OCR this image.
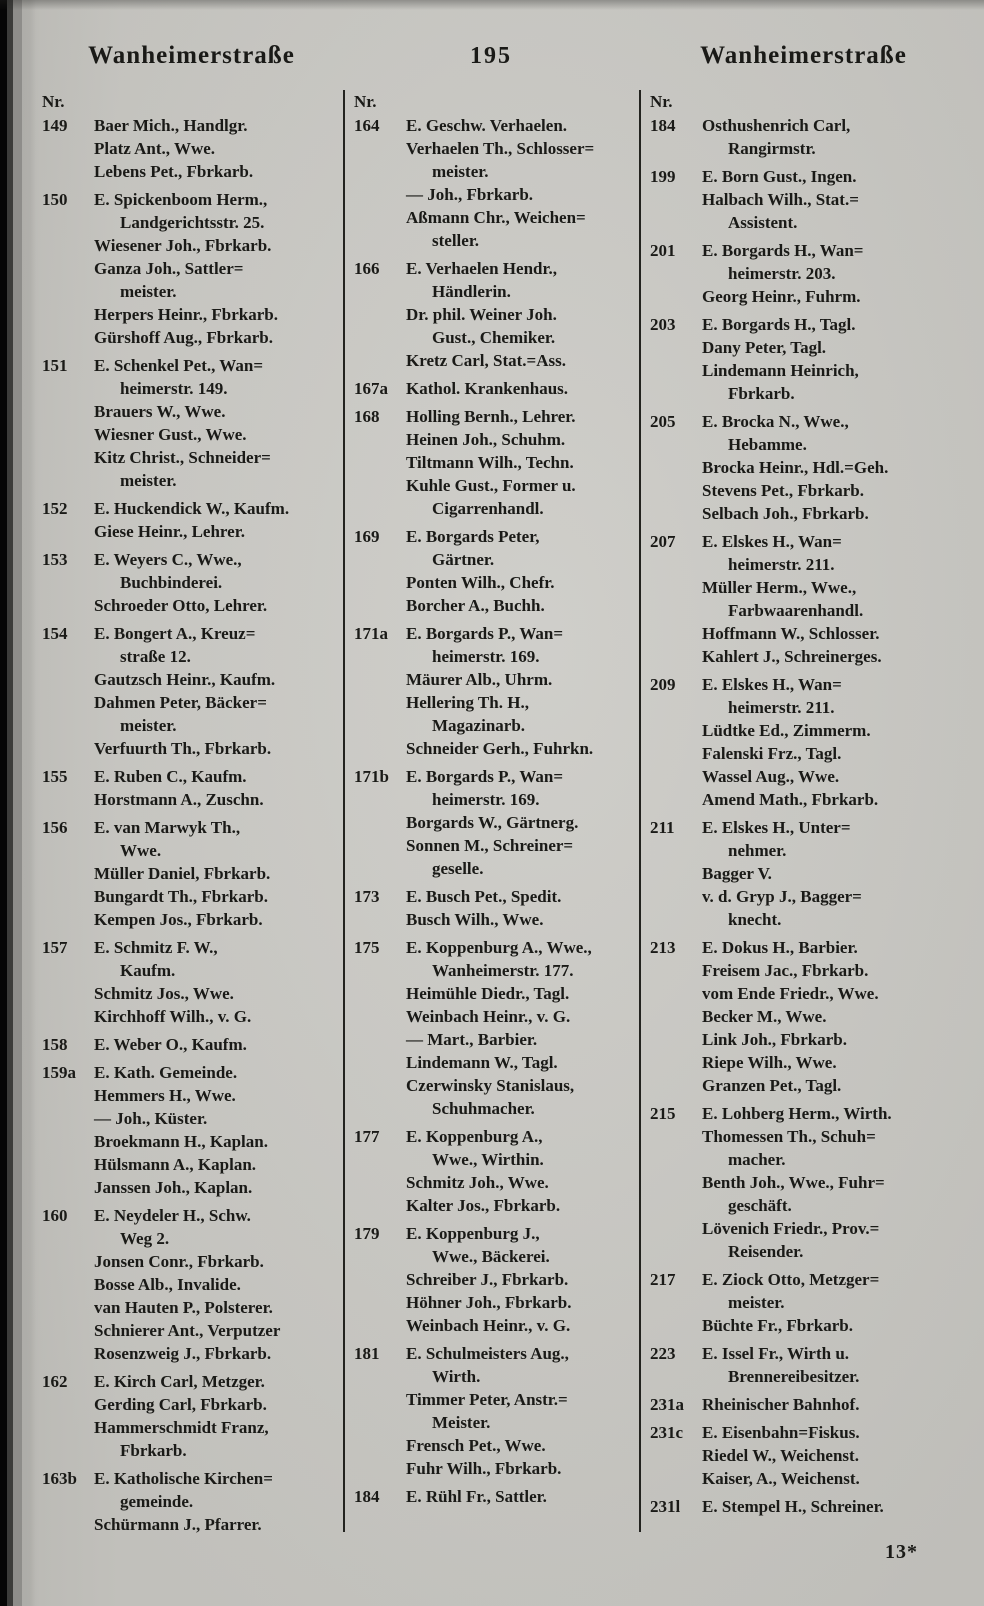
Wanheimerstraße	195	Wanheimerstraße
Nr.
149	Baer Mich., Handlgr.
Platz Ant., Wwe.
Lebens Pet., Fbrkarb.
150	E. Spickenboom Herm.,
Landgerichtsstr. 25.
Wiesener Joh., Fbrkarb.
Ganza Joh., Sattler=
meister.
Herpers Heinr., Fbrkarb.
Gürshoff Aug., Fbrkarb.
151	E. Schenkel Pet., Wan=
heimerstr. 149.
Brauers W., Wwe.
Wiesner Gust., Wwe.
Kitz Christ., Schneider=
meister.
152	E. Huckendick W., Kaufm.
Giese Heinr., Lehrer.
153	E. Weyers C., Wwe.,
Buchbinderei.
Schroeder Otto, Lehrer.
154	E. Bongert A., Kreuz=
straße 12.
Gautzsch Heinr., Kaufm.
Dahmen Peter, Bäcker=
meister.
Verfuurth Th., Fbrkarb.
155	E. Ruben C., Kaufm.
Horstmann A., Zuschn.
156	E. van Marwyk Th.,
Wwe.
Müller Daniel, Fbrkarb.
Bungardt Th., Fbrkarb.
Kempen Jos., Fbrkarb.
157	E. Schmitz F. W.,
Kaufm.
Schmitz Jos., Wwe.
Kirchhoff Wilh., v. G.
158	E. Weber O., Kaufm.
159a	E. Kath. Gemeinde.
Hemmers H., Wwe.
— Joh., Küster.
Broekmann H., Kaplan.
Hülsmann A., Kaplan.
Janssen Joh., Kaplan.
160	E. Neydeler H., Schw.
Weg 2.
Jonsen Conr., Fbrkarb.
Bosse Alb., Invalide.
van Hauten P., Polsterer.
Schnierer Ant., Verputzer
Rosenzweig J., Fbrkarb.
162	E. Kirch Carl, Metzger.
Gerding Carl, Fbrkarb.
Hammerschmidt Franz,
Fbrkarb.
163b	E. Katholische Kirchen=
gemeinde.
Schürmann J., Pfarrer.
Nr.
164	E. Geschw. Verhaelen.
Verhaelen Th., Schlosser=
meister.
— Joh., Fbrkarb.
Aßmann Chr., Weichen=
steller.
166	E. Verhaelen Hendr.,
Händlerin.
Dr. phil. Weiner Joh.
Gust., Chemiker.
Kretz Carl, Stat.=Ass.
167a	Kathol. Krankenhaus.
168	Holling Bernh., Lehrer.
Heinen Joh., Schuhm.
Tiltmann Wilh., Techn.
Kuhle Gust., Former u.
Cigarrenhandl.
169	E. Borgards Peter,
Gärtner.
Ponten Wilh., Chefr.
Borcher A., Buchh.
171a	E. Borgards P., Wan=
heimerstr. 169.
Mäurer Alb., Uhrm.
Hellering Th. H.,
Magazinarb.
Schneider Gerh., Fuhrkn.
171b	E. Borgards P., Wan=
heimerstr. 169.
Borgards W., Gärtnerg.
Sonnen M., Schreiner=
geselle.
173	E. Busch Pet., Spedit.
Busch Wilh., Wwe.
175	E. Koppenburg A., Wwe.,
Wanheimerstr. 177.
Heimühle Diedr., Tagl.
Weinbach Heinr., v. G.
— Mart., Barbier.
Lindemann W., Tagl.
Czerwinsky Stanislaus,
Schuhmacher.
177	E. Koppenburg A.,
Wwe., Wirthin.
Schmitz Joh., Wwe.
Kalter Jos., Fbrkarb.
179	E. Koppenburg J.,
Wwe., Bäckerei.
Schreiber J., Fbrkarb.
Höhner Joh., Fbrkarb.
Weinbach Heinr., v. G.
181	E. Schulmeisters Aug.,
Wirth.
Timmer Peter, Anstr.=
Meister.
Frensch Pet., Wwe.
Fuhr Wilh., Fbrkarb.
184	E. Rühl Fr., Sattler.
Nr.
184	Osthushenrich Carl,
Rangirmstr.
199	E. Born Gust., Ingen.
Halbach Wilh., Stat.=
Assistent.
201	E. Borgards H., Wan=
heimerstr. 203.
Georg Heinr., Fuhrm.
203	E. Borgards H., Tagl.
Dany Peter, Tagl.
Lindemann Heinrich,
Fbrkarb.
205	E. Brocka N., Wwe.,
Hebamme.
Brocka Heinr., Hdl.=Geh.
Stevens Pet., Fbrkarb.
Selbach Joh., Fbrkarb.
207	E. Elskes H., Wan=
heimerstr. 211.
Müller Herm., Wwe.,
Farbwaarenhandl.
Hoffmann W., Schlosser.
Kahlert J., Schreinerges.
209	E. Elskes H., Wan=
heimerstr. 211.
Lüdtke Ed., Zimmerm.
Falenski Frz., Tagl.
Wassel Aug., Wwe.
Amend Math., Fbrkarb.
211	E. Elskes H., Unter=
nehmer.
Bagger V.
v. d. Gryp J., Bagger=
knecht.
213	E. Dokus H., Barbier.
Freisem Jac., Fbrkarb.
vom Ende Friedr., Wwe.
Becker M., Wwe.
Link Joh., Fbrkarb.
Riepe Wilh., Wwe.
Granzen Pet., Tagl.
215	E. Lohberg Herm., Wirth.
Thomessen Th., Schuh=
macher.
Benth Joh., Wwe., Fuhr=
geschäft.
Lövenich Friedr., Prov.=
Reisender.
217	E. Ziock Otto, Metzger=
meister.
Büchte Fr., Fbrkarb.
223	E. Issel Fr., Wirth u.
Brennereibesitzer.
231a	Rheinischer Bahnhof.
231c	E. Eisenbahn=Fiskus.
Riedel W., Weichenst.
Kaiser, A., Weichenst.
231l	E. Stempel H., Schreiner.
13*
